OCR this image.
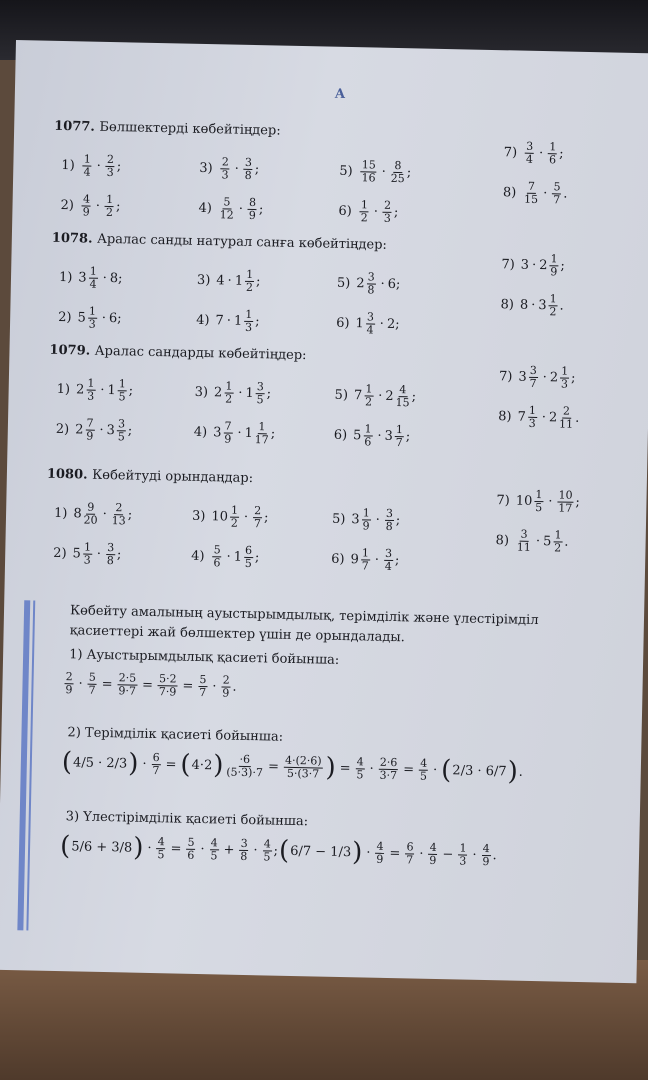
A
1077. Бөлшектерді көбейтіңдер:
$1) \frac{1}{4} \cdot \frac{2}{3}$ ;
$2) \frac{4}{9} \cdot \frac{1}{2}$ ;
$3) \frac{2}{3} \cdot \frac{3}{8}$ ;
$4) \frac{5}{12} \cdot \frac{8}{9}$ ;
$5) \frac{15}{16} \cdot \frac{8}{25}$ ;
$6) \frac{1}{2} \cdot \frac{2}{3}$ ;
$7) \frac{3}{4} \cdot \frac{1}{6}$ ;
$8) \frac{7}{15} \cdot \frac{5}{7}$ .
1078. Аралас санды натурал санға көбейтіңдер:
1) $3 \frac{1}{4} \cdot 8$ ;
2) $5 \frac{1}{3} \cdot 6$ ;
3) $4 \cdot 1 \frac{1}{2}$ ;
4) $7 \cdot 1 \frac{1}{3}$ ;
5) $2 \frac{3}{8} \cdot 6$ ;
6) $1 \frac{3}{4} \cdot 2$ ;
7) $3 \cdot 2 \frac{1}{9}$ ;
8) $8 \cdot 3 \frac{1}{2}$ .
1079. Аралас сандарды көбейтіңдер:
1) $2 \frac{1}{3} \cdot 1 \frac{1}{5}$ ;
2) $2 \frac{7}{9} \cdot 3 \frac{3}{5}$ ;
3) $2 \frac{1}{2} \cdot 1 \frac{3}{5}$ ;
4) $3 \frac{7}{9} \cdot 1 \frac{1}{17}$ ;
5) $7 \frac{1}{2} \cdot 2 \frac{4}{15}$ ;
6) $5 \frac{1}{6} \cdot 3 \frac{1}{7}$ ;
7) $3 \frac{3}{7} \cdot 2 \frac{1}{3}$ ;
8) $7 \frac{1}{3} \cdot 2 \frac{2}{11}$ .
1080. Көбейтуді орындаңдар:
1) $8 \frac{9}{20} \cdot \frac{2}{13}$ ;
2) $5 \frac{1}{3} \cdot \frac{3}{8}$ ;
3) $10 \frac{1}{2} \cdot \frac{2}{7}$ ;
$4) \frac{5}{6} \cdot 1 \frac{6}{5}$ ;
5) $3 \frac{1}{9} \cdot \frac{3}{8}$ ;
6) $9 \frac{1}{7} \cdot \frac{3}{4}$ ;
7) $10 \frac{1}{5} \cdot \frac{10}{17}$ ;
$8) \frac{3}{11} \cdot 5 \frac{1}{2}$ .
Көбейту амалының ауыстырымдылық, терімділік және үлестірімділ
қасиеттері жай бөлшектер үшін де орындалады.
1) Ауыстырымдылық қасиеті бойынша:
$\frac{2}{9} \cdot \frac{5}{7} = \frac{2\cdot 5}{9\cdot 7} = \frac{5\cdot 2}{7\cdot 9} = \frac{5}{7} \cdot \frac{2}{9}$ .
2) Терімділік қасиеті бойынша:
( 4/5 · 2/3 ) · $\frac{6}{7}$ = ( 4·2 ) $\frac{\cdot 6}{(5\cdot 3)\cdot 7} = \frac{4\cdot(2\cdot 6)}{5\cdot(3\cdot 7}$ ) = $\frac{4}{5} \cdot \frac{2\cdot 6}{3\cdot 7} = \frac{4}{5}$ · ( 2/3 · 6/7 ) .
3) Үлестірімділік қасиеті бойынша:
( 5/6 + 3/8 ) · $\frac{4}{5} = \frac{5}{6} \cdot \frac{4}{5} + \frac{3}{8} \cdot \frac{4}{5}$ ; ( 6/7 − 1/3 ) · $\frac{4}{9} = \frac{6}{7} \cdot \frac{4}{9} - \frac{1}{3} \cdot \frac{4}{9}$ .
